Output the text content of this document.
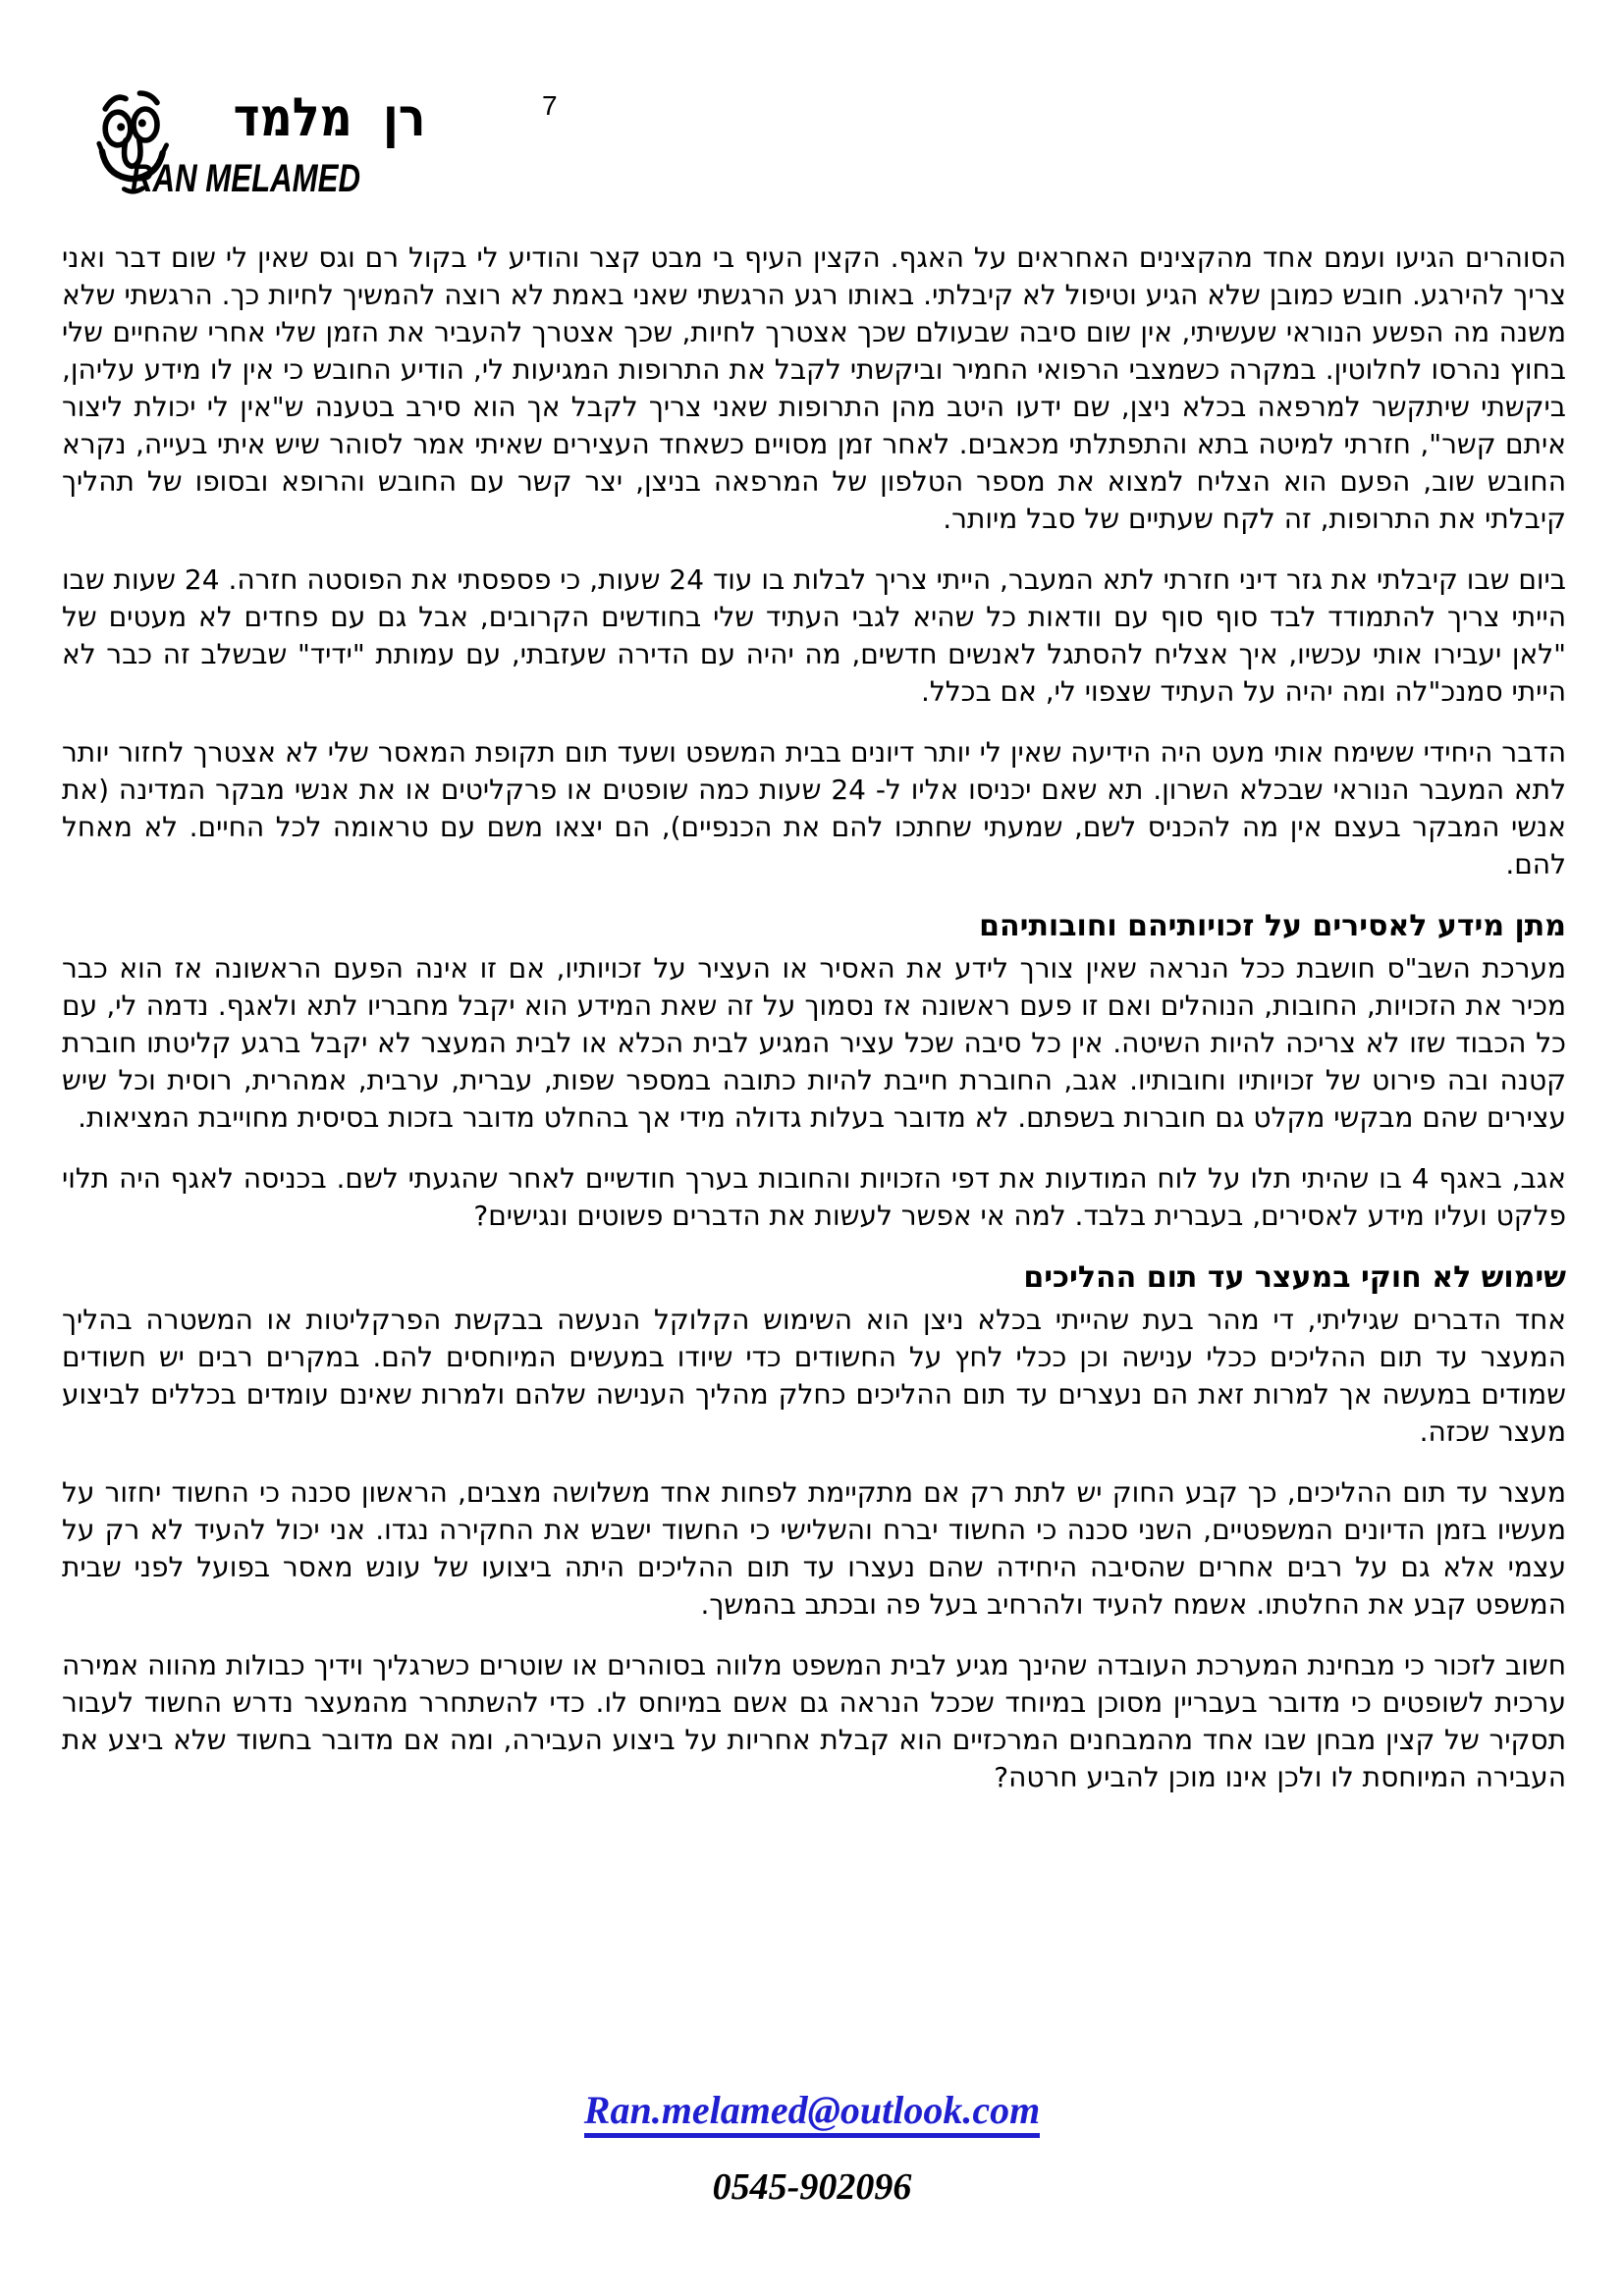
רן מלמד
RAN MELAMED
7

הסוהרים הגיעו ועמם אחד מהקצינים האחראים על האגף. הקצין העיף בי מבט קצר והודיע לי בקול רם וגס שאין לי שום דבר ואני צריך להירגע. חובש כמובן שלא הגיע וטיפול לא קיבלתי. באותו רגע הרגשתי שאני באמת לא רוצה להמשיך לחיות כך. הרגשתי שלא משנה מה הפשע הנוראי שעשיתי, אין שום סיבה שבעולם שכך אצטרך לחיות, שכך אצטרך להעביר את הזמן שלי אחרי שהחיים שלי בחוץ נהרסו לחלוטין. במקרה כשמצבי הרפואי החמיר וביקשתי לקבל את התרופות המגיעות לי, הודיע החובש כי אין לו מידע עליהן, ביקשתי שיתקשר למרפאה בכלא ניצן, שם ידעו היטב מהן התרופות שאני צריך לקבל אך הוא סירב בטענה ש"אין לי יכולת ליצור איתם קשר", חזרתי למיטה בתא והתפתלתי מכאבים. לאחר זמן מסויים כשאחד העצירים שאיתי אמר לסוהר שיש איתי בעייה, נקרא החובש שוב, הפעם הוא הצליח למצוא את מספר הטלפון של המרפאה בניצן, יצר קשר עם החובש והרופא ובסופו של תהליך קיבלתי את התרופות, זה לקח שעתיים של סבל מיותר.

ביום שבו קיבלתי את גזר דיני חזרתי לתא המעבר, הייתי צריך לבלות בו עוד 24 שעות, כי פספסתי את הפוסטה חזרה. 24 שעות שבו הייתי צריך להתמודד לבד סוף סוף עם וודאות כל שהיא לגבי העתיד שלי בחודשים הקרובים, אבל גם עם פחדים לא מעטים של "לאן יעבירו אותי עכשיו, איך אצליח להסתגל לאנשים חדשים, מה יהיה עם הדירה שעזבתי, עם עמותת "ידיד" שבשלב זה כבר לא הייתי סמנכ"לה ומה יהיה על העתיד שצפוי לי, אם בכלל.

הדבר היחידי ששימח אותי מעט היה הידיעה שאין לי יותר דיונים בבית המשפט ושעד תום תקופת המאסר שלי לא אצטרך לחזור יותר לתא המעבר הנוראי שבכלא השרון. תא שאם יכניסו אליו ל- 24 שעות כמה שופטים או פרקליטים או את אנשי מבקר המדינה (את אנשי המבקר בעצם אין מה להכניס לשם, שמעתי שחתכו להם את הכנפיים), הם יצאו משם עם טראומה לכל החיים. לא מאחל להם.

מתן מידע לאסירים על זכויותיהם וחובותיהם

מערכת השב"ס חושבת ככל הנראה שאין צורך לידע את האסיר או העציר על זכויותיו, אם זו אינה הפעם הראשונה אז הוא כבר מכיר את הזכויות, החובות, הנוהלים ואם זו פעם ראשונה אז נסמוך על זה שאת המידע הוא יקבל מחבריו לתא ולאגף. נדמה לי, עם כל הכבוד שזו לא צריכה להיות השיטה. אין כל סיבה שכל עציר המגיע לבית הכלא או לבית המעצר לא יקבל ברגע קליטתו חוברת קטנה ובה פירוט של זכויותיו וחובותיו. אגב, החוברת חייבת להיות כתובה במספר שפות, עברית, ערבית, אמהרית, רוסית וכל שיש עצירים שהם מבקשי מקלט גם חוברות בשפתם. לא מדובר בעלות גדולה מידי אך בהחלט מדובר בזכות בסיסית מחוייבת המציאות.

אגב, באגף 4 בו שהיתי תלו על לוח המודעות את דפי הזכויות והחובות בערך חודשיים לאחר שהגעתי לשם. בכניסה לאגף היה תלוי פלקט ועליו מידע לאסירים, בעברית בלבד. למה אי אפשר לעשות את הדברים פשוטים ונגישים?

שימוש לא חוקי במעצר עד תום ההליכים

אחד הדברים שגיליתי, די מהר בעת שהייתי בכלא ניצן הוא השימוש הקלוקל הנעשה בבקשת הפרקליטות או המשטרה בהליך המעצר עד תום ההליכים ככלי ענישה וכן ככלי לחץ על החשודים כדי שיודו במעשים המיוחסים להם. במקרים רבים יש חשודים שמודים במעשה אך למרות זאת הם נעצרים עד תום ההליכים כחלק מהליך הענישה שלהם ולמרות שאינם עומדים בכללים לביצוע מעצר שכזה.

מעצר עד תום ההליכים, כך קבע החוק יש לתת רק אם מתקיימת לפחות אחד משלושה מצבים, הראשון סכנה כי החשוד יחזור על מעשיו בזמן הדיונים המשפטיים, השני סכנה כי החשוד יברח והשלישי כי החשוד ישבש את החקירה נגדו. אני יכול להעיד לא רק על עצמי אלא גם על רבים אחרים שהסיבה היחידה שהם נעצרו עד תום ההליכים היתה ביצועו של עונש מאסר בפועל לפני שבית המשפט קבע את החלטתו. אשמח להעיד ולהרחיב בעל פה ובכתב בהמשך.

חשוב לזכור כי מבחינת המערכת העובדה שהינך מגיע לבית המשפט מלווה בסוהרים או שוטרים כשרגליך וידיך כבולות מהווה אמירה ערכית לשופטים כי מדובר בעבריין מסוכן במיוחד שככל הנראה גם אשם במיוחס לו. כדי להשתחרר מהמעצר נדרש החשוד לעבור תסקיר של קצין מבחן שבו אחד מהמבחנים המרכזיים הוא קבלת אחריות על ביצוע העבירה, ומה אם מדובר בחשוד שלא ביצע את העבירה המיוחסת לו ולכן אינו מוכן להביע חרטה?

Ran.melamed@outlook.com
0545-902096
